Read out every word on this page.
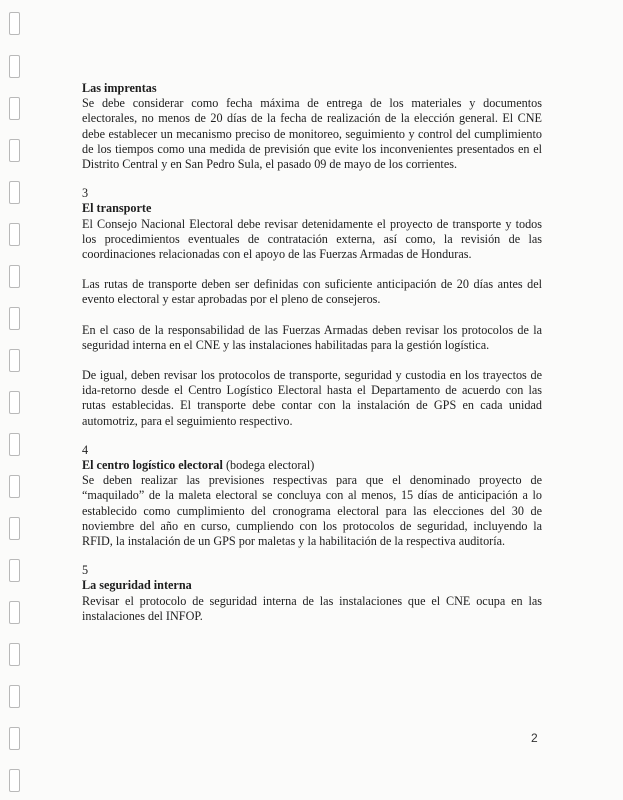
Las imprentas

Se debe considerar como fecha máxima de entrega de los materiales y documentos electorales, no menos de 20 días de la fecha de realización de la elección general. El CNE debe establecer un mecanismo preciso de monitoreo, seguimiento y control del cumplimiento de los tiempos como una medida de previsión que evite los inconvenientes presentados en el Distrito Central y en San Pedro Sula, el pasado 09 de mayo de los corrientes.

3
El transporte

El Consejo Nacional Electoral debe revisar detenidamente el proyecto de transporte y todos los procedimientos eventuales de contratación externa, así como, la revisión de las coordinaciones relacionadas con el apoyo de las Fuerzas Armadas de Honduras.

Las rutas de transporte deben ser definidas con suficiente anticipación de 20 días antes del evento electoral y estar aprobadas por el pleno de consejeros.

En el caso de la responsabilidad de las Fuerzas Armadas deben revisar los protocolos de la seguridad interna en el CNE y las instalaciones habilitadas para la gestión logística.

De igual, deben revisar los protocolos de transporte, seguridad y custodia en los trayectos de ida-retorno desde el Centro Logístico Electoral hasta el Departamento de acuerdo con las rutas establecidas. El transporte debe contar con la instalación de GPS en cada unidad automotriz, para el seguimiento respectivo.

4
El centro logístico electoral (bodega electoral)

Se deben realizar las previsiones respectivas para que el denominado proyecto de “maquilado” de la maleta electoral se concluya con al menos, 15 días de anticipación a lo establecido como cumplimiento del cronograma electoral para las elecciones del 30 de noviembre del año en curso, cumpliendo con los protocolos de seguridad, incluyendo la RFID, la instalación de un GPS por maletas y la habilitación de la respectiva auditoría.

5
La seguridad interna

Revisar el protocolo de seguridad interna de las instalaciones que el CNE ocupa en las instalaciones del INFOP.

2
